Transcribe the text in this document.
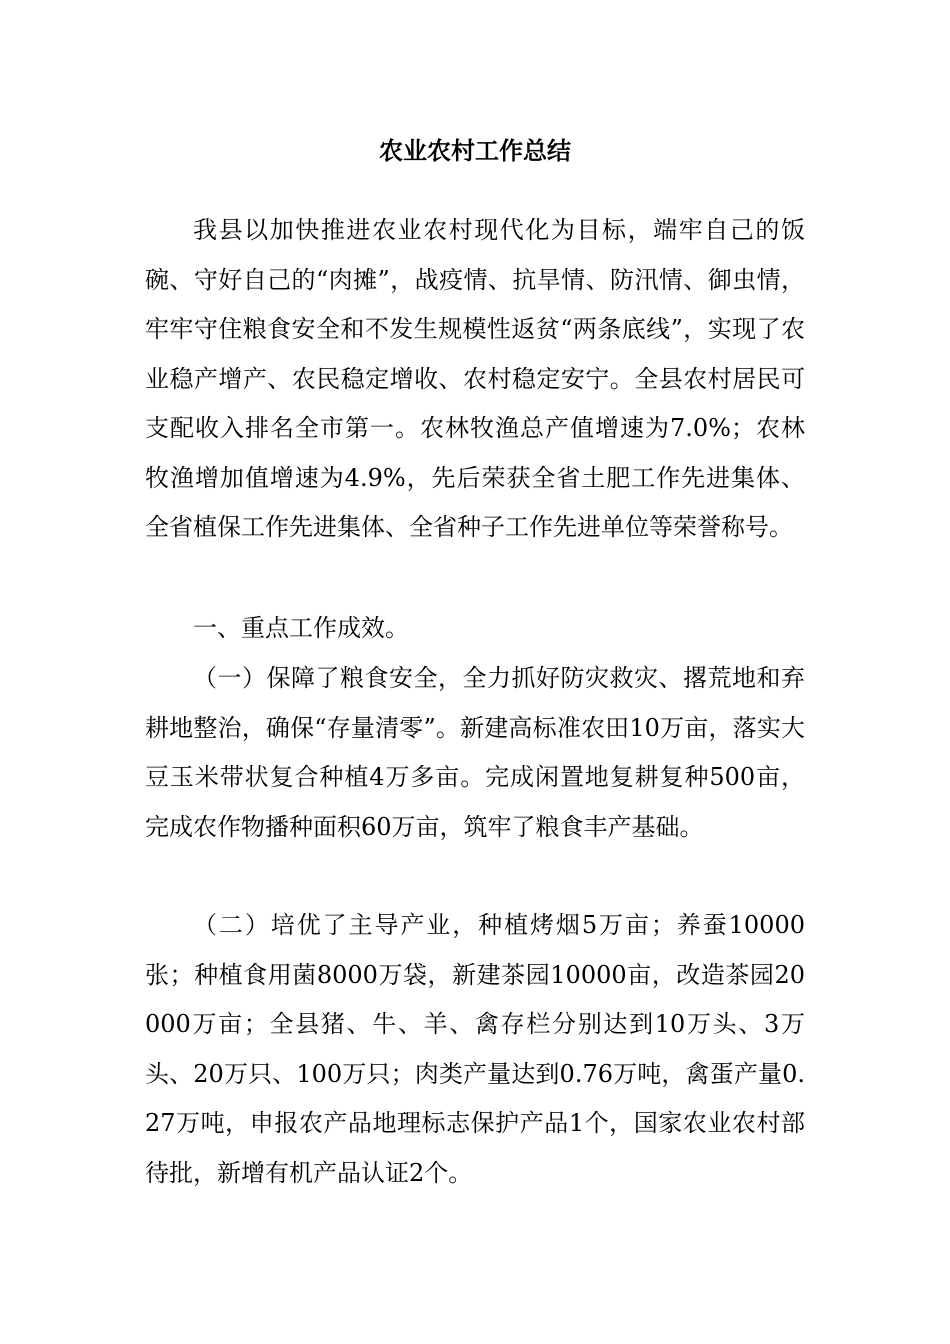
农业农村工作总结

我县以加快推进农业农村现代化为目标，端牢自己的饭碗、守好自己的“肉摊”，战疫情、抗旱情、防汛情、御虫情，牢牢守住粮食安全和不发生规模性返贫“两条底线”，实现了农业稳产增产、农民稳定增收、农村稳定安宁。全县农村居民可支配收入排名全市第一。农林牧渔总产值增速为7.0%；农林牧渔增加值增速为4.9%，先后荣获全省土肥工作先进集体、全省植保工作先进集体、全省种子工作先进单位等荣誉称号。

一、重点工作成效。

（一）保障了粮食安全，全力抓好防灾救灾、撂荒地和弃耕地整治，确保“存量清零”。新建高标准农田10万亩，落实大豆玉米带状复合种植4万多亩。完成闲置地复耕复种500亩，完成农作物播种面积60万亩，筑牢了粮食丰产基础。

（二）培优了主导产业，种植烤烟5万亩；养蚕10000张；种植食用菌8000万袋，新建茶园10000亩，改造茶园20000万亩；全县猪、牛、羊、禽存栏分别达到10万头、3万头、20万只、100万只；肉类产量达到0.76万吨，禽蛋产量0.27万吨，申报农产品地理标志保护产品1个，国家农业农村部待批，新增有机产品认证2个。
